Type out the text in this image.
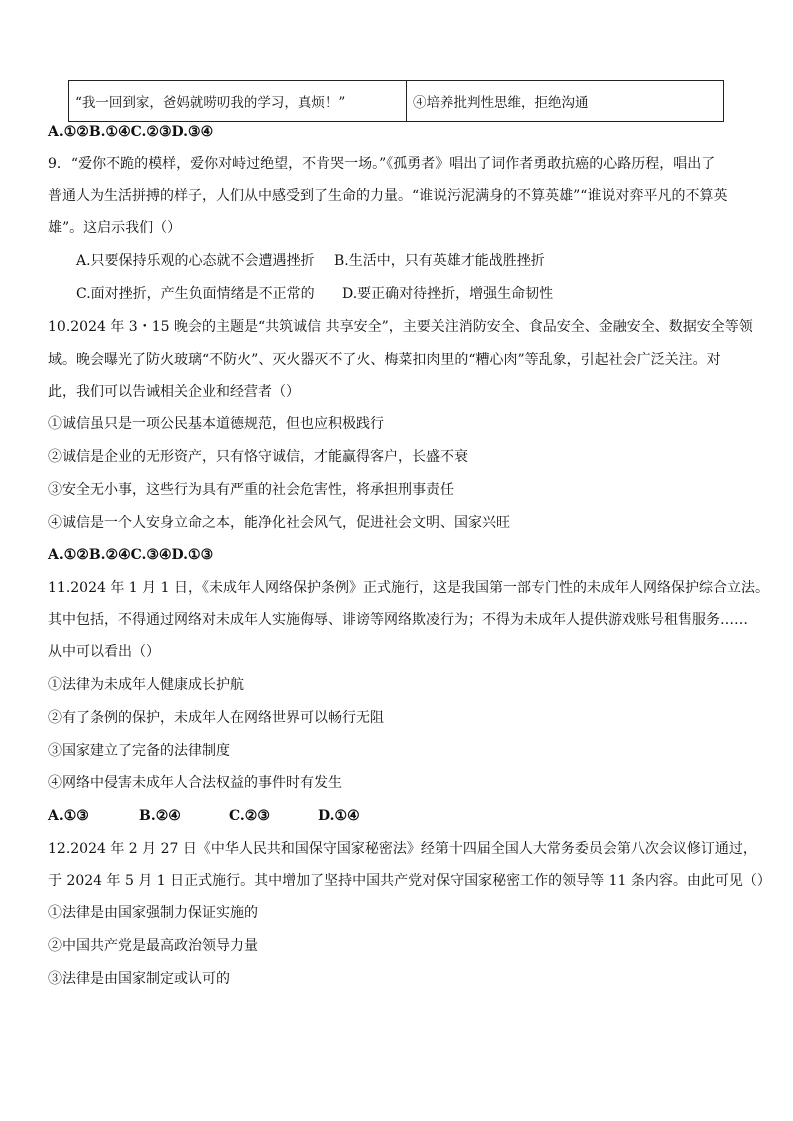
“我一回到家，爸妈就唠叨我的学习，真烦！”	④培养批判性思维，拒绝沟通
A.①②B.①④C.②③D.③④
9．“爱你不跪的模样，爱你对峙过绝望，不肯哭一场。”《孤勇者》唱出了词作者勇敢抗癌的心路历程，唱出了
普通人为生活拼搏的样子，人们从中感受到了生命的力量。“谁说污泥满身的不算英雄”“谁说对弈平凡的不算英
雄”。这启示我们（）
A.只要保持乐观的心态就不会遭遇挫折 B.生活中，只有英雄才能战胜挫折
C.面对挫折，产生负面情绪是不正常的 D.要正确对待挫折，增强生命韧性
10.2024 年 3・15 晚会的主题是“共筑诚信 共享安全”，主要关注消防安全、食品安全、金融安全、数据安全等领
域。晚会曝光了防火玻璃“不防火”、灭火器灭不了火、梅菜扣肉里的“糟心肉”等乱象，引起社会广泛关注。对
此，我们可以告诫相关企业和经营者（）
①诚信虽只是一项公民基本道德规范，但也应积极践行
②诚信是企业的无形资产，只有恪守诚信，才能赢得客户，长盛不衰
③安全无小事，这些行为具有严重的社会危害性，将承担刑事责任
④诚信是一个人安身立命之本，能净化社会风气，促进社会文明、国家兴旺
A.①②B.②④C.③④D.①③
11.2024 年 1 月 1 日，《未成年人网络保护条例》正式施行，这是我国第一部专门性的未成年人网络保护综合立法。
其中包括，不得通过网络对未成年人实施侮辱、诽谤等网络欺凌行为；不得为未成年人提供游戏账号租售服务……
从中可以看出（）
①法律为未成年人健康成长护航
②有了条例的保护，未成年人在网络世界可以畅行无阻
③国家建立了完备的法律制度
④网络中侵害未成年人合法权益的事件时有发生
A.①③	B.②④	C.②③	D.①④
12.2024 年 2 月 27 日《中华人民共和国保守国家秘密法》经第十四届全国人大常务委员会第八次会议修订通过，
于 2024 年 5 月 1 日正式施行。其中增加了坚持中国共产党对保守国家秘密工作的领导等 11 条内容。由此可见（）
①法律是由国家强制力保证实施的
②中国共产党是最高政治领导力量
③法律是由国家制定或认可的
